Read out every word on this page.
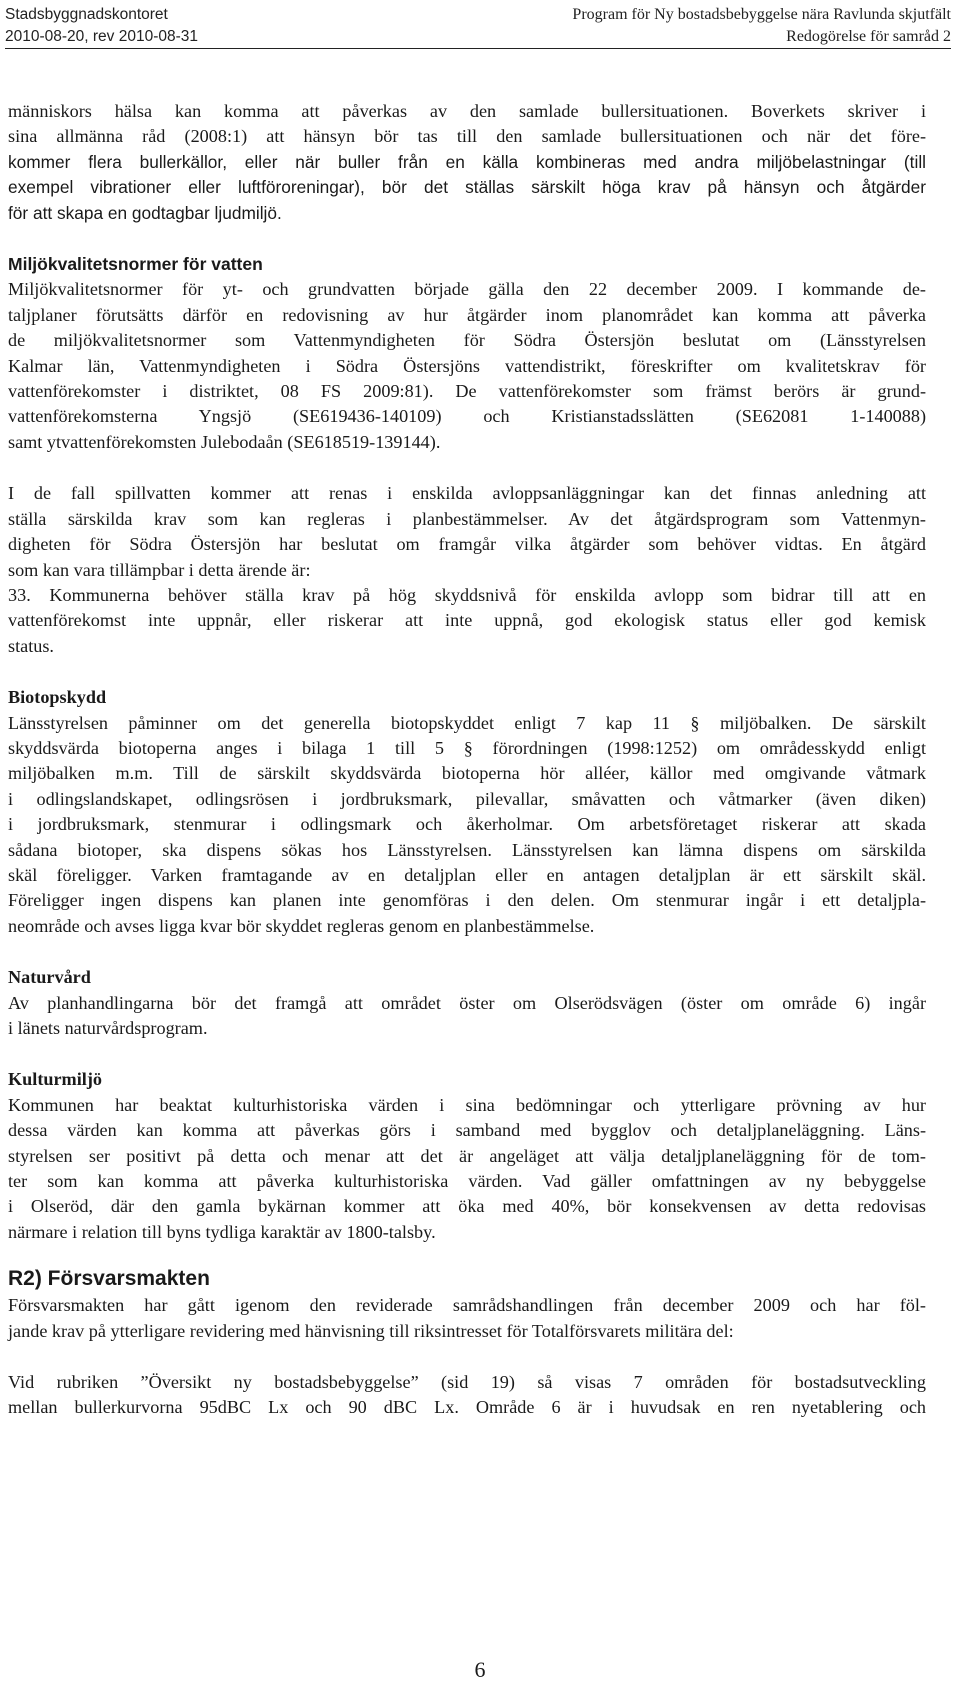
Stadsbyggnadskontoret
2010-08-20, rev 2010-08-31
Program för Ny bostadsbebyggelse nära Ravlunda skjutfält
Redogörelse för samråd 2

människors hälsa kan komma att påverkas av den samlade bullersituationen. Boverkets skriver i
sina allmänna råd (2008:1) att hänsyn bör tas till den samlade bullersituationen och när det före-
kommer flera bullerkällor, eller när buller från en källa kombineras med andra miljöbelastningar (till
exempel vibrationer eller luftföroreningar), bör det ställas särskilt höga krav på hänsyn och åtgärder
för att skapa en godtagbar ljudmiljö.

Miljökvalitetsnormer för vatten

Miljökvalitetsnormer för yt- och grundvatten började gälla den 22 december 2009. I kommande de-
taljplaner förutsätts därför en redovisning av hur åtgärder inom planområdet kan komma att påverka
de miljökvalitetsnormer som Vattenmyndigheten för Södra Östersjön beslutat om (Länsstyrelsen
Kalmar län, Vattenmyndigheten i Södra Östersjöns vattendistrikt, föreskrifter om kvalitetskrav för
vattenförekomster i distriktet, 08 FS 2009:81). De vattenförekomster som främst berörs är grund-
vattenförekomsterna Yngsjö (SE619436-140109) och Kristianstadsslätten (SE62081 1-140088)
samt ytvattenförekomsten Julebodaån (SE618519-139144).

I de fall spillvatten kommer att renas i enskilda avloppsanläggningar kan det finnas anledning att
ställa särskilda krav som kan regleras i planbestämmelser. Av det åtgärdsprogram som Vattenmyn-
digheten för Södra Östersjön har beslutat om framgår vilka åtgärder som behöver vidtas. En åtgärd
som kan vara tillämpbar i detta ärende är:
33. Kommunerna behöver ställa krav på hög skyddsnivå för enskilda avlopp som bidrar till att en
vattenförekomst inte uppnår, eller riskerar att inte uppnå, god ekologisk status eller god kemisk
status.

Biotopskydd

Länsstyrelsen påminner om det generella biotopskyddet enligt 7 kap 11 § miljöbalken. De särskilt
skyddsvärda biotoperna anges i bilaga 1 till 5 § förordningen (1998:1252) om områdesskydd enligt
miljöbalken m.m. Till de särskilt skyddsvärda biotoperna hör alléer, källor med omgivande våtmark
i odlingslandskapet, odlingsrösen i jordbruksmark, pilevallar, småvatten och våtmarker (även diken)
i jordbruksmark, stenmurar i odlingsmark och åkerholmar. Om arbetsföretaget riskerar att skada
sådana biotoper, ska dispens sökas hos Länsstyrelsen. Länsstyrelsen kan lämna dispens om särskilda
skäl föreligger. Varken framtagande av en detaljplan eller en antagen detaljplan är ett särskilt skäl.
Föreligger ingen dispens kan planen inte genomföras i den delen. Om stenmurar ingår i ett detaljpla-
neområde och avses ligga kvar bör skyddet regleras genom en planbestämmelse.

Naturvård

Av planhandlingarna bör det framgå att området öster om Olserödsvägen (öster om område 6) ingår
i länets naturvårdsprogram.

Kulturmiljö

Kommunen har beaktat kulturhistoriska värden i sina bedömningar och ytterligare prövning av hur
dessa värden kan komma att påverkas görs i samband med bygglov och detaljplaneläggning. Läns-
styrelsen ser positivt på detta och menar att det är angeläget att välja detaljplaneläggning för de tom-
ter som kan komma att påverka kulturhistoriska värden. Vad gäller omfattningen av ny bebyggelse
i Olseröd, där den gamla bykärnan kommer att öka med 40%, bör konsekvensen av detta redovisas
närmare i relation till byns tydliga karaktär av 1800-talsby.

R2) Försvarsmakten

Försvarsmakten har gått igenom den reviderade samrådshandlingen från december 2009 och har föl-
jande krav på ytterligare revidering med hänvisning till riksintresset för Totalförsvarets militära del:

Vid rubriken ”Översikt ny bostadsbebyggelse” (sid 19) så visas 7 områden för bostadsutveckling
mellan bullerkurvorna 95dBC Lx och 90 dBC Lx. Område 6 är i huvudsak en ren nyetablering och

6
